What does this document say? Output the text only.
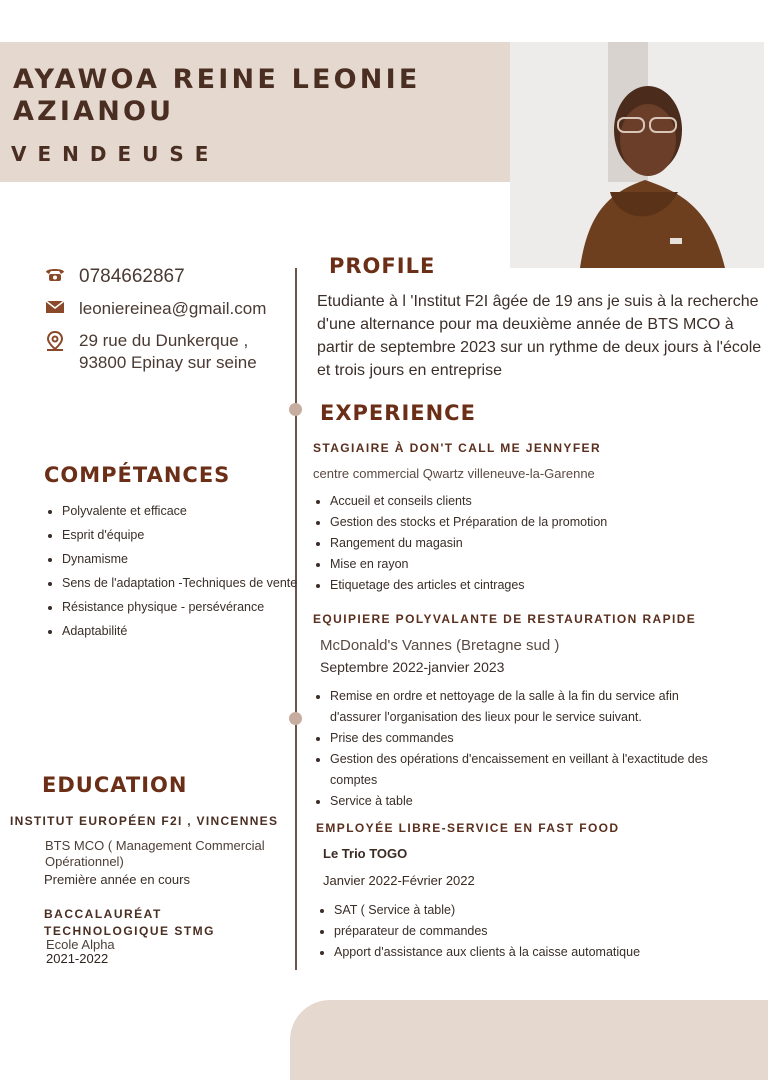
AYAWOA REINE LEONIE
AZIANOU
VENDEUSE
0784662867
leoniereinea@gmail.com
29 rue du Dunkerque ,
93800 Epinay sur seine
PROFILE
Etudiante à l 'Institut F2I âgée de 19 ans je suis à la recherche d'une alternance pour ma deuxième année de BTS MCO à partir de septembre 2023 sur un rythme de deux jours à l'école et trois jours en entreprise
COMPÉTANCES
• Polyvalente et efficace
• Esprit d'équipe
• Dynamisme
• Sens de l'adaptation -Techniques de vente
• Résistance physique - persévérance
• Adaptabilité
EXPERIENCE
STAGIAIRE À DON'T CALL ME JENNYFER
centre commercial Qwartz villeneuve-la-Garenne
• Accueil et conseils clients
• Gestion des stocks et Préparation de la promotion
• Rangement du magasin
• Mise en rayon
• Etiquetage des articles et cintrages
EQUIPIERE POLYVALANTE DE RESTAURATION RAPIDE
McDonald's Vannes (Bretagne sud )
Septembre 2022-janvier 2023
• Remise en ordre et nettoyage de la salle à la fin du service afin d'assurer l'organisation des lieux pour le service suivant.
• Prise des commandes
• Gestion des opérations d'encaissement en veillant à l'exactitude des comptes
• Service à table
EMPLOYÉE LIBRE-SERVICE EN FAST FOOD
Le Trio TOGO
Janvier 2022-Février 2022
• SAT ( Service à table)
• préparateur de commandes
• Apport d'assistance aux clients à la caisse automatique
EDUCATION
INSTITUT EUROPÉEN F2I , VINCENNES
BTS MCO ( Management Commercial
Opérationnel)
Première année en cours
BACCALAURÉAT
TECHNOLOGIQUE STMG
Ecole Alpha
2021-2022
